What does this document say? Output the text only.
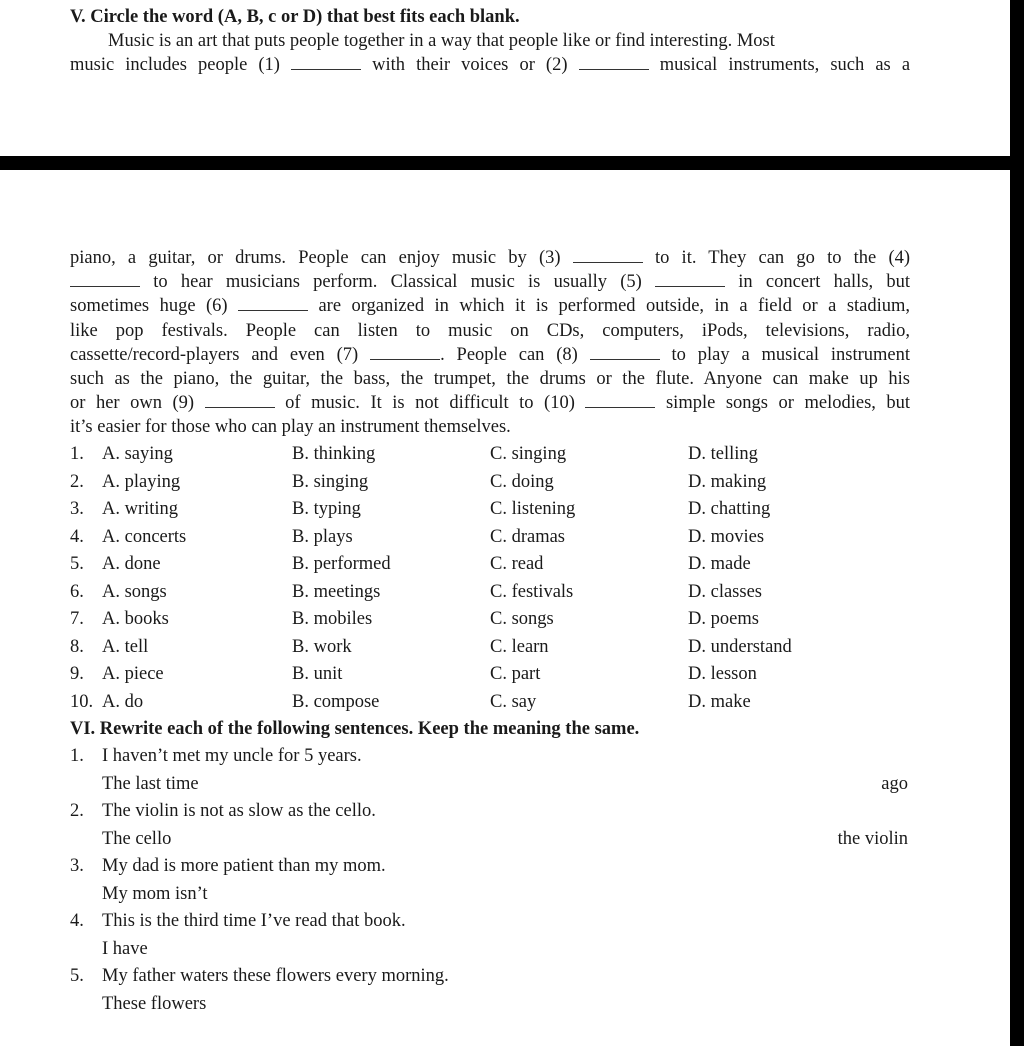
V. Circle the word (A, B, c or D) that best fits each blank.
Music is an art that puts people together in a way that people like or find interesting. Most
music includes people (1)	with their voices or (2)	musical instruments, such as a
piano, a guitar, or drums. People can enjoy music by (3)	to it. They can go to the (4)
to hear musicians perform. Classical music is usually (5)	in concert halls, but
sometimes huge (6)	are organized in which it is performed outside, in a field or a stadium,
like pop festivals. People can listen to music on CDs, computers, iPods, televisions, radio,
cassette/record-players and even (7)	. People can (8)	to play a musical instrument
such as the piano, the guitar, the bass, the trumpet, the drums or the flute. Anyone can make up his
or her own (9)	of music. It is not difficult to (10)	simple songs or melodies, but
it’s easier for those who can play an instrument themselves.
1. A. saying	B. thinking	C. singing	D. telling
2. A. playing	B. singing	C. doing	D. making
3. A. writing	B. typing	C. listening	D. chatting
4. A. concerts	B. plays	C. dramas	D. movies
5. A. done	B. performed	C. read	D. made
6. A. songs	B. meetings	C. festivals	D. classes
7. A. books	B. mobiles	C. songs	D. poems
8. A. tell	B. work	C. learn	D. understand
9. A. piece	B. unit	C. part	D. lesson
10. A. do	B. compose	C. say	D. make
VI. Rewrite each of the following sentences. Keep the meaning the same.
1. I haven’t met my uncle for 5 years.
The last time	ago
2. The violin is not as slow as the cello.
The cello	the violin
3. My dad is more patient than my mom.
My mom isn’t
4. This is the third time I’ve read that book.
I have
5. My father waters these flowers every morning.
These flowers
